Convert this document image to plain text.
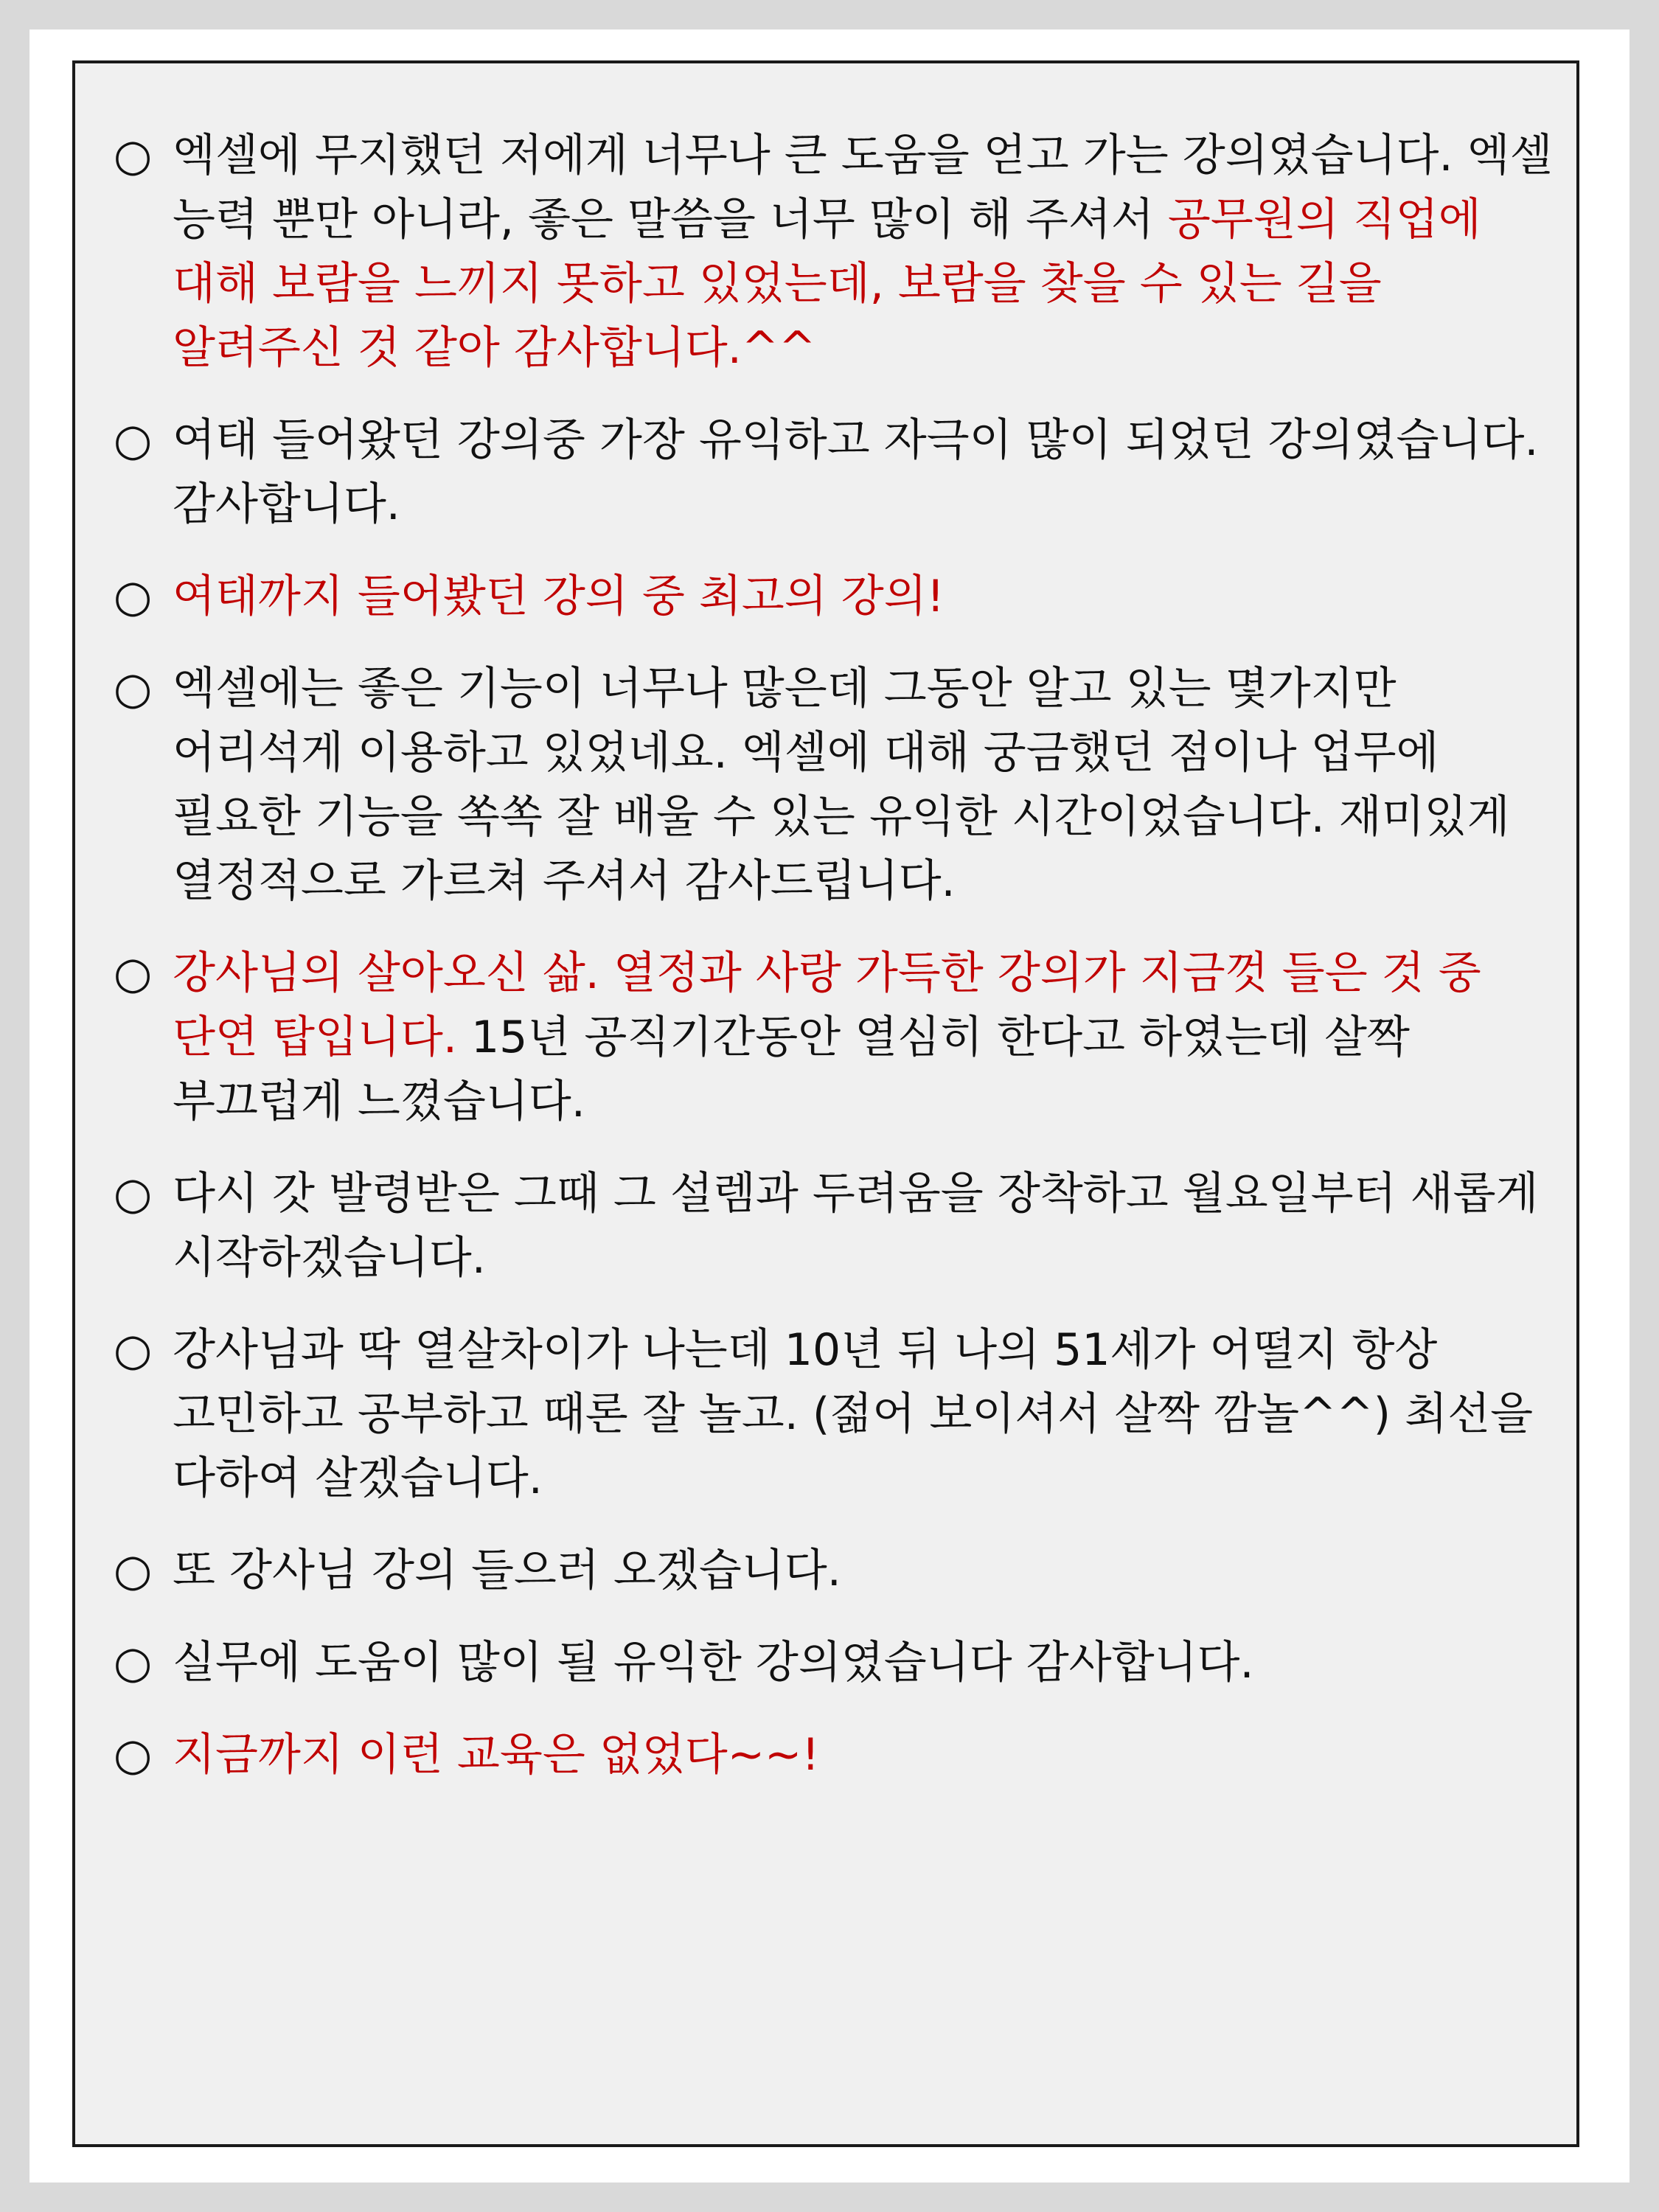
○ 엑셀에 무지했던 저에게 너무나 큰 도움을 얻고 가는 강의였습니다. 엑셀 능력 뿐만 아니라, 좋은 말씀을 너무 많이 해 주셔서 공무원의 직업에 대해 보람을 느끼지 못하고 있었는데, 보람을 찾을 수 있는 길을 알려주신 것 같아 감사합니다.^^
○ 여태 들어왔던 강의중 가장 유익하고 자극이 많이 되었던 강의였습니다. 감사합니다.
○ 여태까지 들어봤던 강의 중 최고의 강의!
○ 엑셀에는 좋은 기능이 너무나 많은데 그동안 알고 있는 몇가지만 어리석게 이용하고 있었네요. 엑셀에 대해 궁금했던 점이나 업무에 필요한 기능을 쏙쏙 잘 배울 수 있는 유익한 시간이었습니다. 재미있게 열정적으로 가르쳐 주셔서 감사드립니다.
○ 강사님의 살아오신 삶. 열정과 사랑 가득한 강의가 지금껏 들은 것 중 단연 탑입니다. 15년 공직기간동안 열심히 한다고 하였는데 살짝 부끄럽게 느꼈습니다.
○ 다시 갓 발령받은 그때 그 설렘과 두려움을 장착하고 월요일부터 새롭게 시작하겠습니다.
○ 강사님과 딱 열살차이가 나는데 10년 뒤 나의 51세가 어떨지 항상 고민하고 공부하고 때론 잘 놀고. (젊어 보이셔서 살짝 깜놀^^) 최선을 다하여 살겠습니다.
○ 또 강사님 강의 들으러 오겠습니다.
○ 실무에 도움이 많이 될 유익한 강의였습니다 감사합니다.
○ 지금까지 이런 교육은 없었다~~!
